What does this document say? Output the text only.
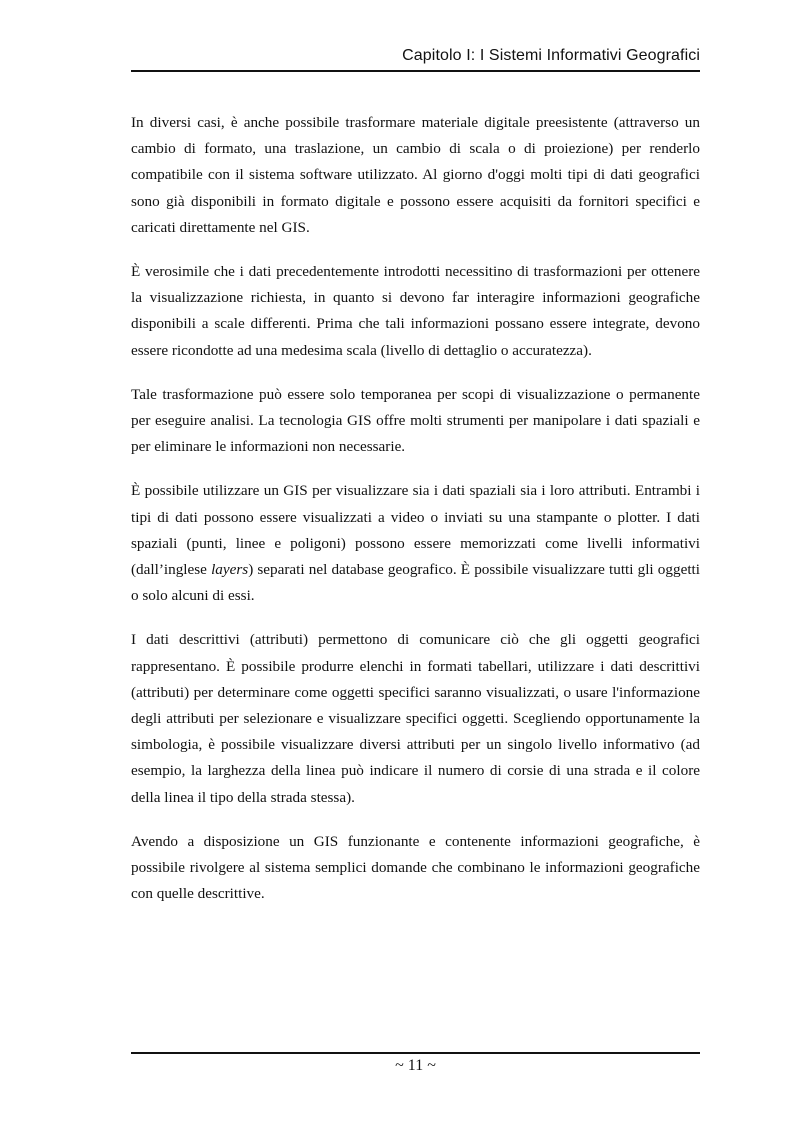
Capitolo I: I Sistemi Informativi Geografici

In diversi casi, è anche possibile trasformare materiale digitale preesistente (attraverso un cambio di formato, una traslazione, un cambio di scala o di proiezione) per renderlo compatibile con il sistema software utilizzato. Al giorno d'oggi molti tipi di dati geografici sono già disponibili in formato digitale e possono essere acquisiti da fornitori specifici e caricati direttamente nel GIS.

È verosimile che i dati precedentemente introdotti necessitino di trasformazioni per ottenere la visualizzazione richiesta, in quanto si devono far interagire informazioni geografiche disponibili a scale differenti. Prima che tali informazioni possano essere integrate, devono essere ricondotte ad una medesima scala (livello di dettaglio o accuratezza).

Tale trasformazione può essere solo temporanea per scopi di visualizzazione o permanente per eseguire analisi. La tecnologia GIS offre molti strumenti per manipolare i dati spaziali e per eliminare le informazioni non necessarie.

È possibile utilizzare un GIS per visualizzare sia i dati spaziali sia i loro attributi. Entrambi i tipi di dati possono essere visualizzati a video o inviati su una stampante o plotter. I dati spaziali (punti, linee e poligoni) possono essere memorizzati come livelli informativi (dall’inglese layers) separati nel database geografico. È possibile visualizzare tutti gli oggetti o solo alcuni di essi.

I dati descrittivi (attributi) permettono di comunicare ciò che gli oggetti geografici rappresentano. È possibile produrre elenchi in formati tabellari, utilizzare i dati descrittivi (attributi) per determinare come oggetti specifici saranno visualizzati, o usare l'informazione degli attributi per selezionare e visualizzare specifici oggetti. Scegliendo opportunamente la simbologia, è possibile visualizzare diversi attributi per un singolo livello informativo (ad esempio, la larghezza della linea può indicare il numero di corsie di una strada e il colore della linea il tipo della strada stessa).

Avendo a disposizione un GIS funzionante e contenente informazioni geografiche, è possibile rivolgere al sistema semplici domande che combinano le informazioni geografiche con quelle descrittive.

~ 11 ~
